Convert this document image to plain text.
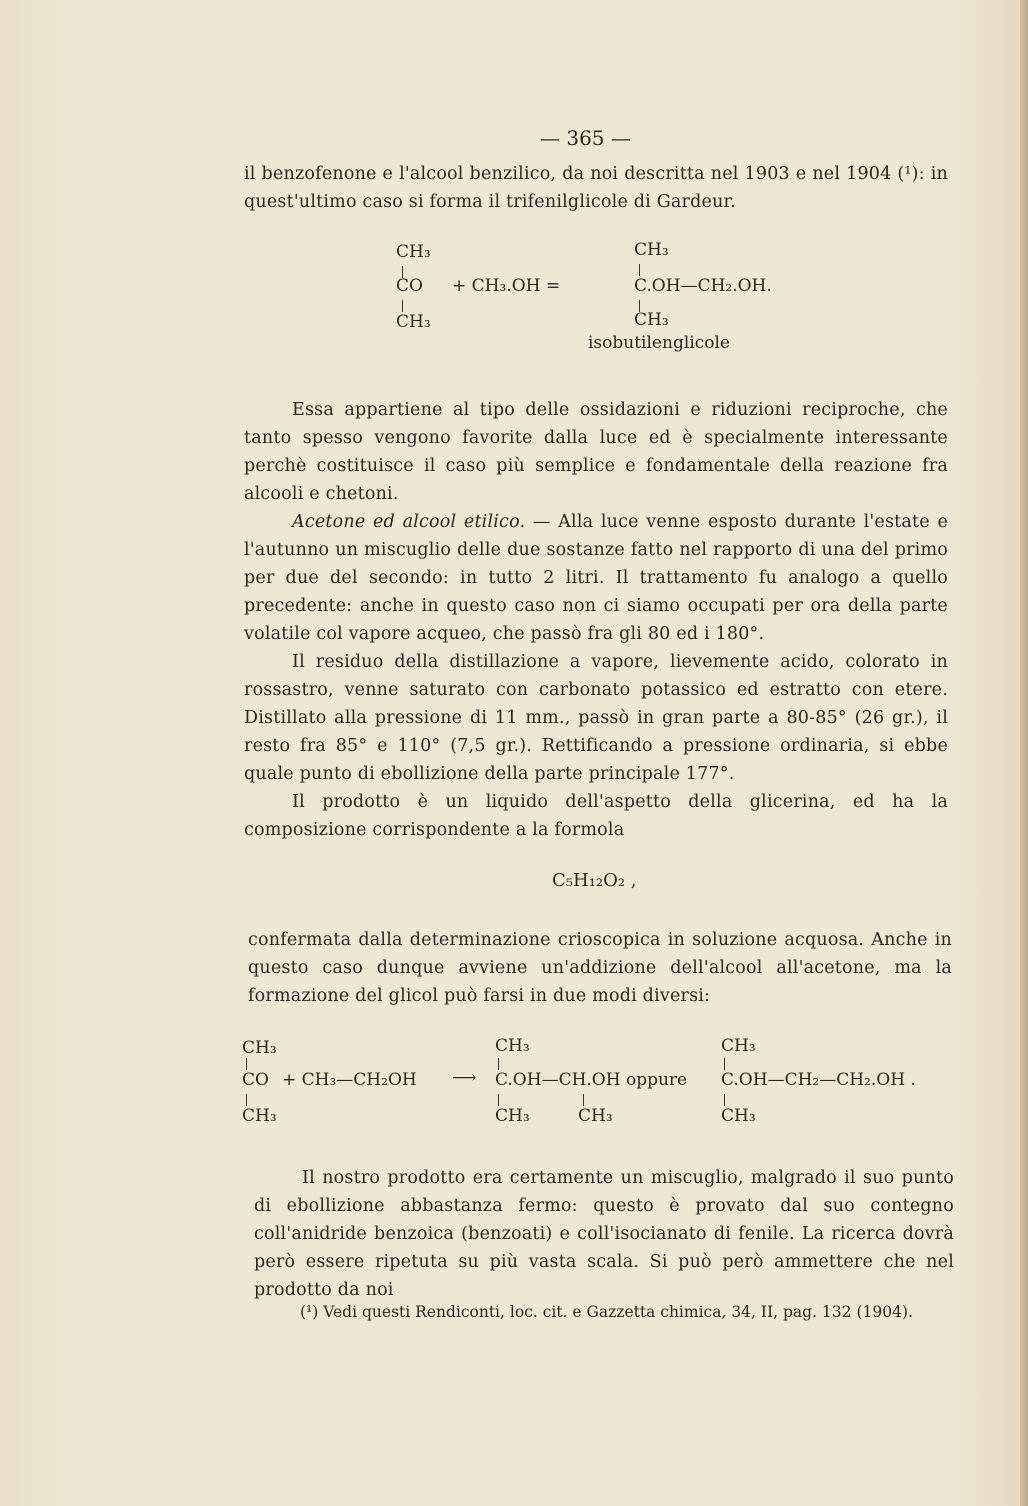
— 365 —

il benzofenone e l'alcool benzilico, da noi descritta nel 1903 e nel 1904 (¹): in quest'ultimo caso si forma il trifenilglicole di Gardeur.

CH₃
CO
CH₃
+ CH₃.OH =
CH₃
C.OH—CH₂.OH.
CH₃
isobutilenglicole

Essa appartiene al tipo delle ossidazioni e riduzioni reciproche, che tanto spesso vengono favorite dalla luce ed è specialmente interessante perchè costituisce il caso più semplice e fondamentale della reazione fra alcooli e chetoni.

Acetone ed alcool etilico. — Alla luce venne esposto durante l'estate e l'autunno un miscuglio delle due sostanze fatto nel rapporto di una del primo per due del secondo: in tutto 2 litri. Il trattamento fu analogo a quello precedente: anche in questo caso non ci siamo occupati per ora della parte volatile col vapore acqueo, che passò fra gli 80 ed i 180°.

Il residuo della distillazione a vapore, lievemente acido, colorato in rossastro, venne saturato con carbonato potassico ed estratto con etere. Distillato alla pressione di 11 mm., passò in gran parte a 80-85° (26 gr.), il resto fra 85° e 110° (7,5 gr.). Rettificando a pressione ordinaria, si ebbe quale punto di ebollizione della parte principale 177°.

Il prodotto è un liquido dell'aspetto della glicerina, ed ha la composizione corrispondente a la formola

C₅H₁₂O₂ ,

confermata dalla determinazione crioscopica in soluzione acquosa. Anche in questo caso dunque avviene un'addizione dell'alcool all'acetone, ma la formazione del glicol può farsi in due modi diversi:

CH₃
CO
CH₃
+ CH₃—CH₂OH ⟶
CH₃
C.OH—CH.OH oppure
CH₃	CH₃
CH₃
C.OH—CH₂—CH₂.OH .
CH₃

Il nostro prodotto era certamente un miscuglio, malgrado il suo punto di ebollizione abbastanza fermo: questo è provato dal suo contegno coll'anidride benzoica (benzoati) e coll'isocianato di fenile. La ricerca dovrà però essere ripetuta su più vasta scala. Si può però ammettere che nel prodotto da noi

(¹) Vedi questi Rendiconti, loc. cit. e Gazzetta chimica, 34, II, pag. 132 (1904).
